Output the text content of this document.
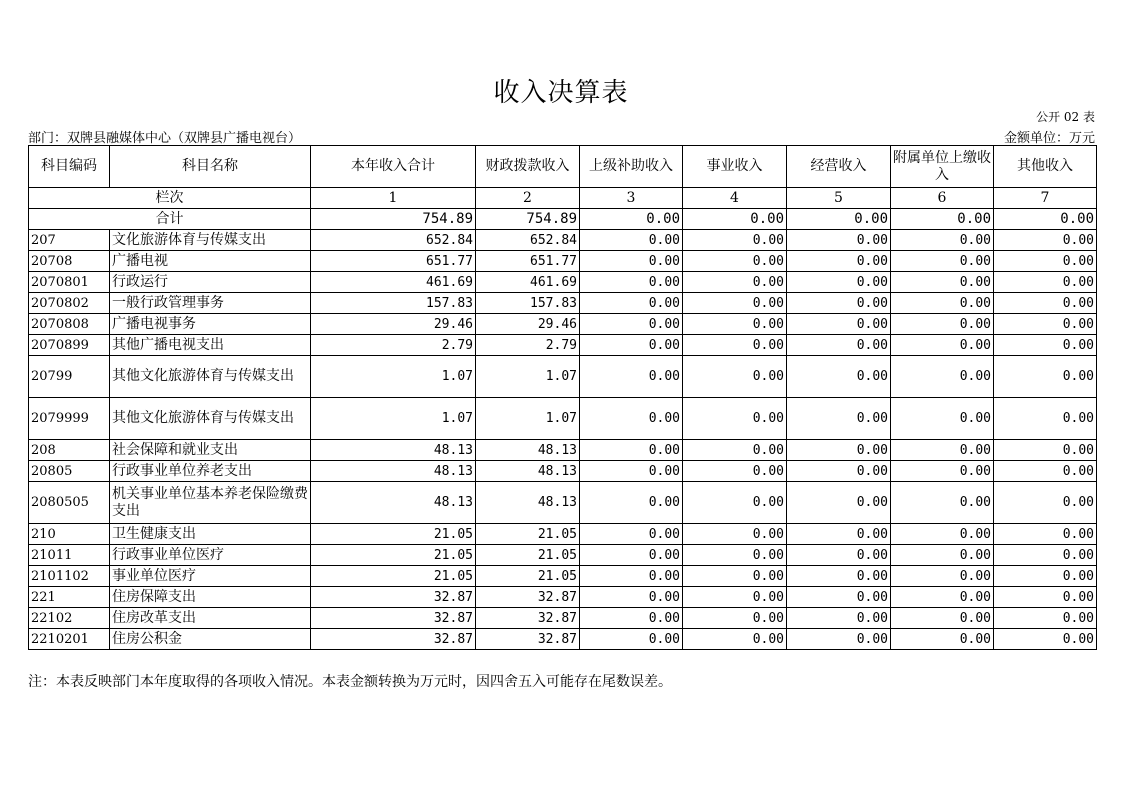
收入决算表
公开 02 表
部门：双牌县融媒体中心（双牌县广播电视台）	金额单位：万元
科目编码	科目名称	本年收入合计	财政拨款收入	上级补助收入	事业收入	经营收入	附属单位上缴收入	其他收入
栏次		1	2	3	4	5	6	7
合计		754.89	754.89	0.00	0.00	0.00	0.00	0.00
207	文化旅游体育与传媒支出	652.84	652.84	0.00	0.00	0.00	0.00	0.00
20708	广播电视	651.77	651.77	0.00	0.00	0.00	0.00	0.00
2070801	行政运行	461.69	461.69	0.00	0.00	0.00	0.00	0.00
2070802	一般行政管理事务	157.83	157.83	0.00	0.00	0.00	0.00	0.00
2070808	广播电视事务	29.46	29.46	0.00	0.00	0.00	0.00	0.00
2070899	其他广播电视支出	2.79	2.79	0.00	0.00	0.00	0.00	0.00
20799	其他文化旅游体育与传媒支出	1.07	1.07	0.00	0.00	0.00	0.00	0.00
2079999	其他文化旅游体育与传媒支出	1.07	1.07	0.00	0.00	0.00	0.00	0.00
208	社会保障和就业支出	48.13	48.13	0.00	0.00	0.00	0.00	0.00
20805	行政事业单位养老支出	48.13	48.13	0.00	0.00	0.00	0.00	0.00
2080505	机关事业单位基本养老保险缴费支出	48.13	48.13	0.00	0.00	0.00	0.00	0.00
210	卫生健康支出	21.05	21.05	0.00	0.00	0.00	0.00	0.00
21011	行政事业单位医疗	21.05	21.05	0.00	0.00	0.00	0.00	0.00
2101102	事业单位医疗	21.05	21.05	0.00	0.00	0.00	0.00	0.00
221	住房保障支出	32.87	32.87	0.00	0.00	0.00	0.00	0.00
22102	住房改革支出	32.87	32.87	0.00	0.00	0.00	0.00	0.00
2210201	住房公积金	32.87	32.87	0.00	0.00	0.00	0.00	0.00
注：本表反映部门本年度取得的各项收入情况。本表金额转换为万元时，因四舍五入可能存在尾数误差。
